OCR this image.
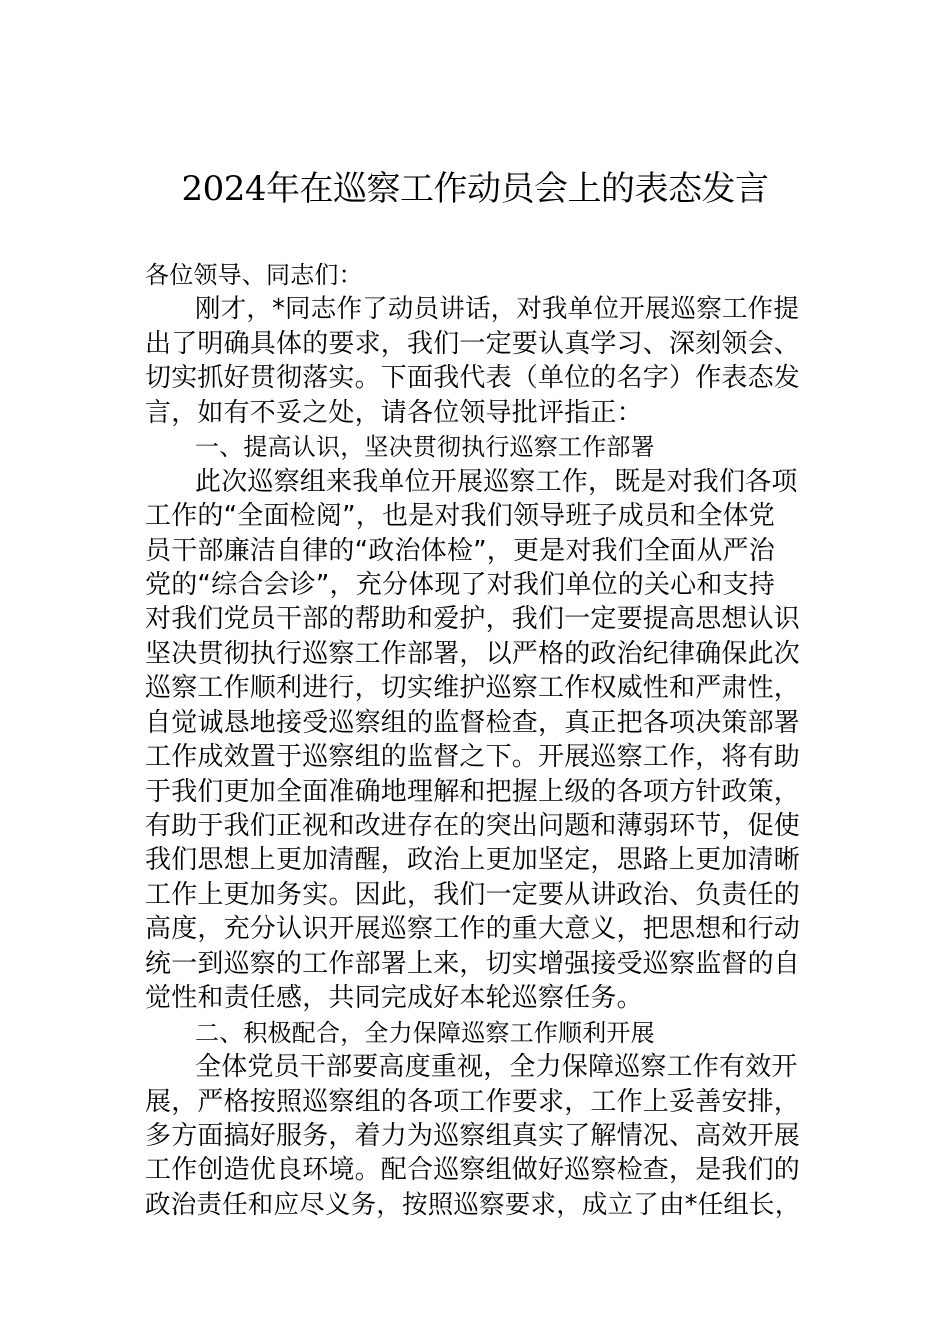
2024年在巡察工作动员会上的表态发言
各位领导、同志们：
刚才，*同志作了动员讲话，对我单位开展巡察工作提
出了明确具体的要求，我们一定要认真学习、深刻领会、
切实抓好贯彻落实。下面我代表（单位的名字）作表态发
言，如有不妥之处，请各位领导批评指正：
一、提高认识，坚决贯彻执行巡察工作部署
此次巡察组来我单位开展巡察工作，既是对我们各项
工作的“全面检阅”，也是对我们领导班子成员和全体党
员干部廉洁自律的“政治体检”，更是对我们全面从严治
党的“综合会诊”，充分体现了对我们单位的关心和支持
对我们党员干部的帮助和爱护，我们一定要提高思想认识
坚决贯彻执行巡察工作部署，以严格的政治纪律确保此次
巡察工作顺利进行，切实维护巡察工作权威性和严肃性，
自觉诚恳地接受巡察组的监督检查，真正把各项决策部署
工作成效置于巡察组的监督之下。开展巡察工作，将有助
于我们更加全面准确地理解和把握上级的各项方针政策，
有助于我们正视和改进存在的突出问题和薄弱环节，促使
我们思想上更加清醒，政治上更加坚定，思路上更加清晰
工作上更加务实。因此，我们一定要从讲政治、负责任的
高度，充分认识开展巡察工作的重大意义，把思想和行动
统一到巡察的工作部署上来，切实增强接受巡察监督的自
觉性和责任感，共同完成好本轮巡察任务。
二、积极配合，全力保障巡察工作顺利开展
全体党员干部要高度重视，全力保障巡察工作有效开
展，严格按照巡察组的各项工作要求，工作上妥善安排，
多方面搞好服务，着力为巡察组真实了解情况、高效开展
工作创造优良环境。配合巡察组做好巡察检查，是我们的
政治责任和应尽义务，按照巡察要求，成立了由*任组长，
